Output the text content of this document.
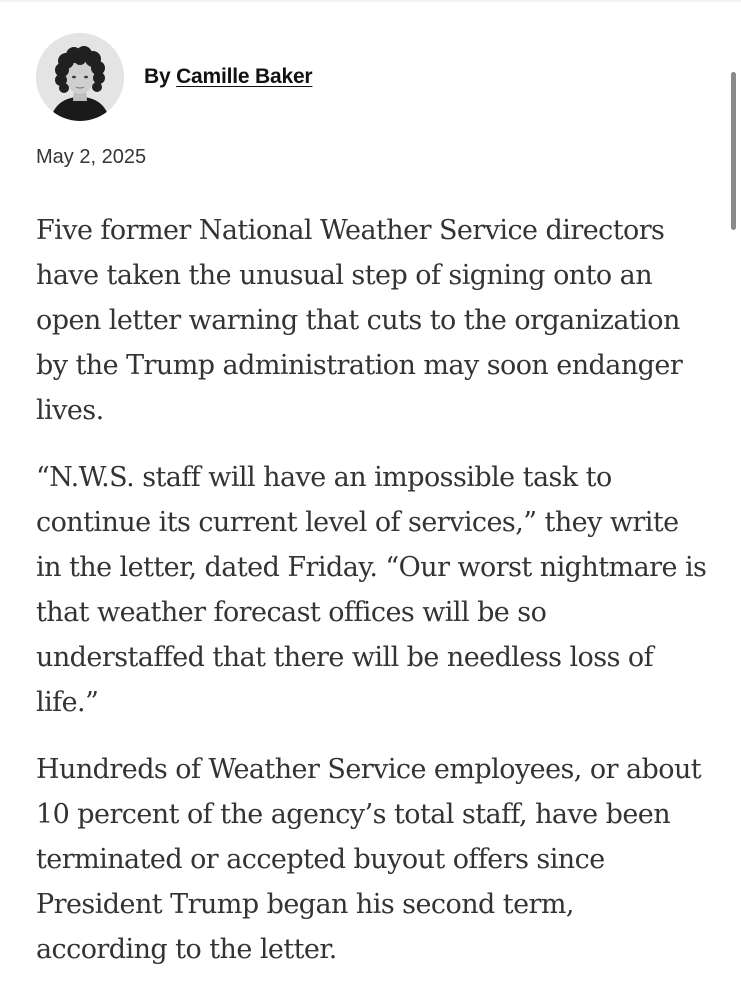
By Camille Baker
May 2, 2025

Five former National Weather Service directors have taken the unusual step of signing onto an open letter warning that cuts to the organization by the Trump administration may soon endanger lives.

“N.W.S. staff will have an impossible task to continue its current level of services,” they write in the letter, dated Friday. “Our worst nightmare is that weather forecast offices will be so understaffed that there will be needless loss of life.”

Hundreds of Weather Service employees, or about 10 percent of the agency’s total staff, have been terminated or accepted buyout offers since President Trump began his second term, according to the letter.
